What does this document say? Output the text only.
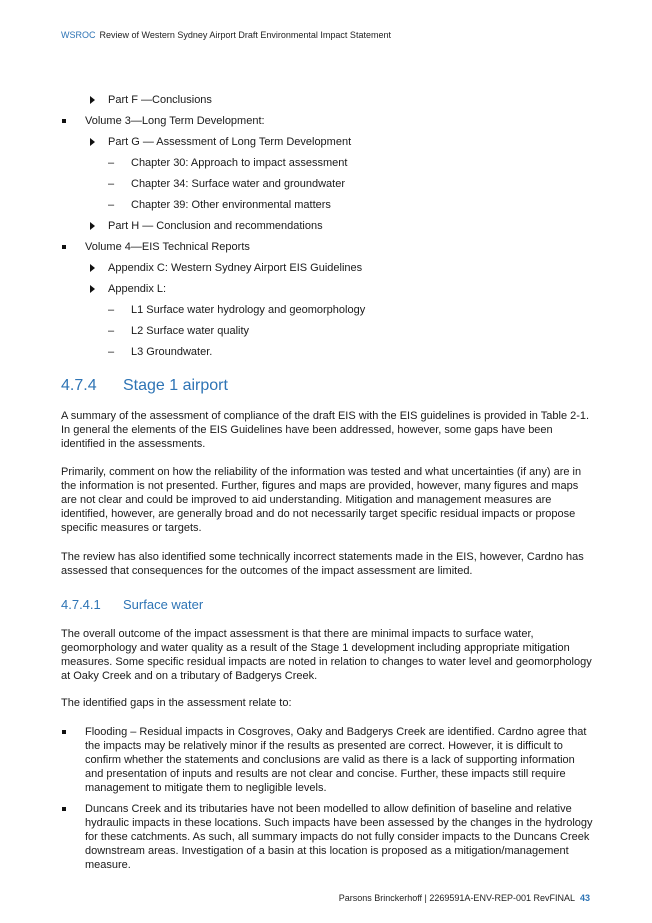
WSROC Review of Western Sydney Airport Draft Environmental Impact Statement
Part F —Conclusions
Volume 3—Long Term Development:
Part G — Assessment of Long Term Development
– Chapter 30: Approach to impact assessment
– Chapter 34: Surface water and groundwater
– Chapter 39: Other environmental matters
Part H — Conclusion and recommendations
Volume 4—EIS Technical Reports
Appendix C: Western Sydney Airport EIS Guidelines
Appendix L:
– L1 Surface water hydrology and geomorphology
– L2 Surface water quality
– L3 Groundwater.
4.7.4 Stage 1 airport

A summary of the assessment of compliance of the draft EIS with the EIS guidelines is provided in Table 2-1. In general the elements of the EIS Guidelines have been addressed, however, some gaps have been identified in the assessments.

Primarily, comment on how the reliability of the information was tested and what uncertainties (if any) are in the information is not presented. Further, figures and maps are provided, however, many figures and maps are not clear and could be improved to aid understanding. Mitigation and management measures are identified, however, are generally broad and do not necessarily target specific residual impacts or propose specific measures or targets.

The review has also identified some technically incorrect statements made in the EIS, however, Cardno has assessed that consequences for the outcomes of the impact assessment are limited.

4.7.4.1 Surface water

The overall outcome of the impact assessment is that there are minimal impacts to surface water, geomorphology and water quality as a result of the Stage 1 development including appropriate mitigation measures. Some specific residual impacts are noted in relation to changes to water level and geomorphology at Oaky Creek and on a tributary of Badgerys Creek.

The identified gaps in the assessment relate to:

Flooding – Residual impacts in Cosgroves, Oaky and Badgerys Creek are identified. Cardno agree that the impacts may be relatively minor if the results as presented are correct. However, it is difficult to confirm whether the statements and conclusions are valid as there is a lack of supporting information and presentation of inputs and results are not clear and concise. Further, these impacts still require management to mitigate them to negligible levels.
Duncans Creek and its tributaries have not been modelled to allow definition of baseline and relative hydraulic impacts in these locations. Such impacts have been assessed by the changes in the hydrology for these catchments. As such, all summary impacts do not fully consider impacts to the Duncans Creek downstream areas. Investigation of a basin at this location is proposed as a mitigation/management measure.
Parsons Brinckerhoff | 2269591A-ENV-REP-001 RevFINAL 43
